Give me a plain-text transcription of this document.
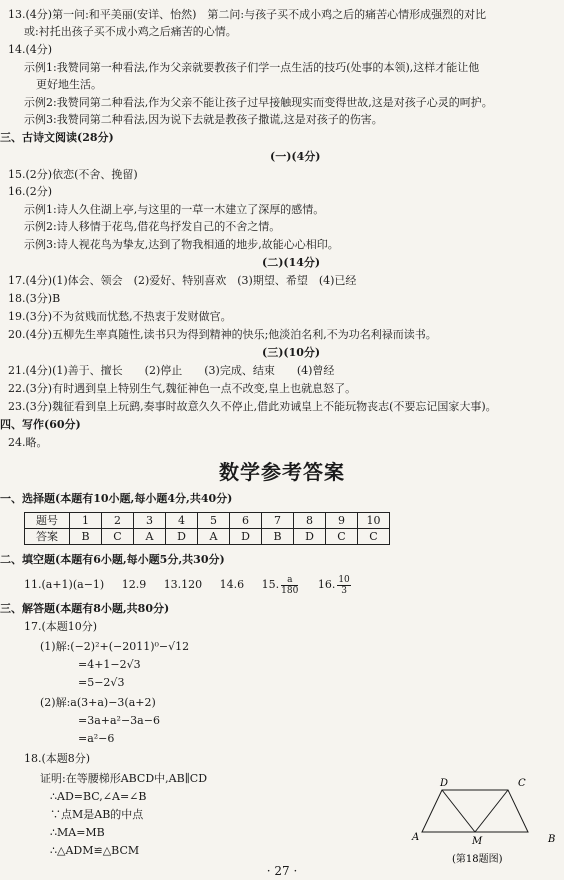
13.(4分)第一问:和平美丽(安详、怡然)　第二问:与孩子买不成小鸡之后的痛苦心情形成强烈的对比
或:衬托出孩子买不成小鸡之后痛苦的心情。
14.(4分)
示例1:我赞同第一种看法,作为父亲就要教孩子们学一点生活的技巧(处事的本领),这样才能让他
更好地生活。
示例2:我赞同第二种看法,作为父亲不能让孩子过早接触现实而变得世故,这是对孩子心灵的呵护。
示例3:我赞同第二种看法,因为说下去就是教孩子撒谎,这是对孩子的伤害。
三、古诗文阅读(28分)
(一)(4分)
15.(2分)依恋(不舍、挽留)
16.(2分)
示例1:诗人久住湖上亭,与这里的一草一木建立了深厚的感情。
示例2:诗人移情于花鸟,借花鸟抒发自己的不舍之情。
示例3:诗人视花鸟为挚友,达到了物我相通的地步,故能心心相印。
(二)(14分)
17.(4分)(1)体会、领会　(2)爱好、特别喜欢　(3)期望、希望　(4)已经
18.(3分)B
19.(3分)不为贫贱而忧愁,不热衷于发财做官。
20.(4分)五柳先生率真随性,读书只为得到精神的快乐;他淡泊名利,不为功名利禄而读书。
(三)(10分)
21.(4分)(1)善于、擅长　　(2)停止　　(3)完成、结束　　(4)曾经
22.(3分)有时遇到皇上特别生气,魏征神色一点不改变,皇上也就息怒了。
23.(3分)魏征看到皇上玩鹞,奏事时故意久久不停止,借此劝诫皇上不能玩物丧志(不要忘记国家大事)。
四、写作(60分)
24.略。
数学参考答案
一、选择题(本题有10小题,每小题4分,共40分)
题号	1	2	3	4	5	6	7	8	9	10
答案	B	C	A	D	A	D	B	D	C	C
二、填空题(本题有6小题,每小题5分,共30分)
11.(a+1)(a−1) 12.9 13.120 14.6 15. $\frac{a}{180} 16$. $\frac{10}{3}$
三、解答题(本题有8小题,共80分)
17.(本题10分)
(1)解:(−2)²+(−2011)⁰−√12
=4+1−2√3
=5−2√3
(2)解:a(3+a)−3(a+2)
=3a+a²−3a−6
=a²−6
18.(本题8分)
证明:在等腰梯形ABCD中,AB∥CD
∴AD=BC,∠A=∠B
∵点M是AB的中点
∴MA=MB
∴△ADM≌△BCM
D	C
A	B
M
(第18题图)
· 27 ·
